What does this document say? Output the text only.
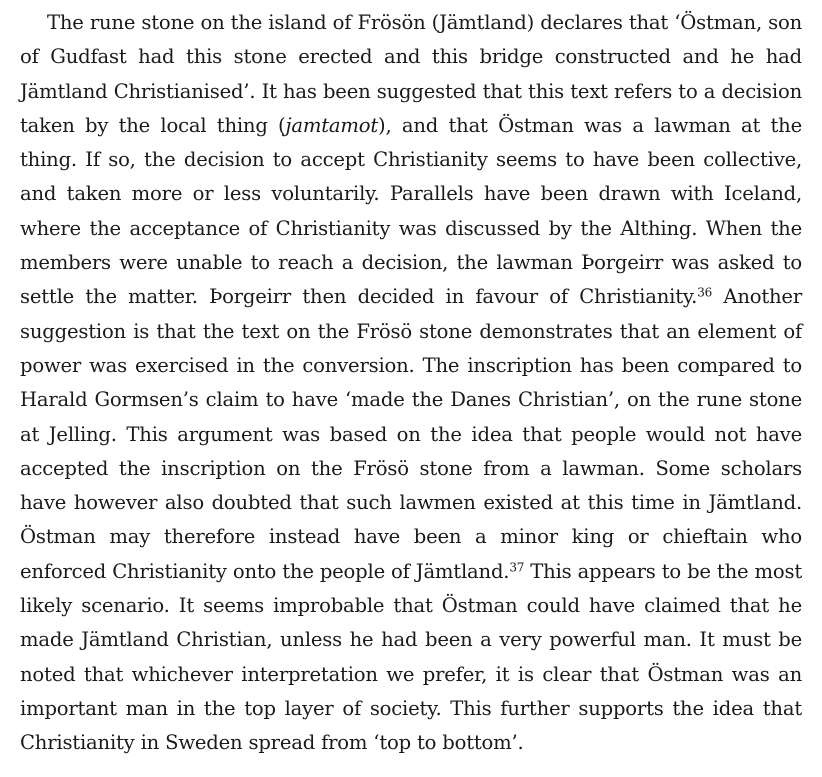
The rune stone on the island of Frösön (Jämtland) declares that ‘Östman, son of Gudfast had this stone erected and this bridge constructed and he had Jämtland Christianised’. It has been suggested that this text refers to a decision taken by the local thing (jamtamot), and that Östman was a lawman at the thing. If so, the decision to accept Christianity seems to have been collective, and taken more or less voluntarily. Parallels have been drawn with Iceland, where the acceptance of Christianity was discussed by the Althing. When the members were unable to reach a decision, the lawman Þorgeirr was asked to settle the matter. Þorgeirr then decided in favour of Christianity.$^{36}$ Another suggestion is that the text on the Frösö stone demonstrates that an element of power was exercised in the conversion. The inscription has been compared to Harald Gormsen’s claim to have ‘made the Danes Christian’, on the rune stone at Jelling. This argument was based on the idea that people would not have accepted the inscription on the Frösö stone from a lawman. Some scholars have however also doubted that such lawmen existed at this time in Jämtland. Östman may therefore instead have been a minor king or chieftain who enforced Christianity onto the people of Jämtland.$^{37}$ This appears to be the most likely scenario. It seems improbable that Östman could have claimed that he made Jämtland Christian, unless he had been a very powerful man. It must be noted that whichever interpretation we prefer, it is clear that Östman was an important man in the top layer of society. This further supports the idea that Christianity in Sweden spread from ‘top to bottom’.
